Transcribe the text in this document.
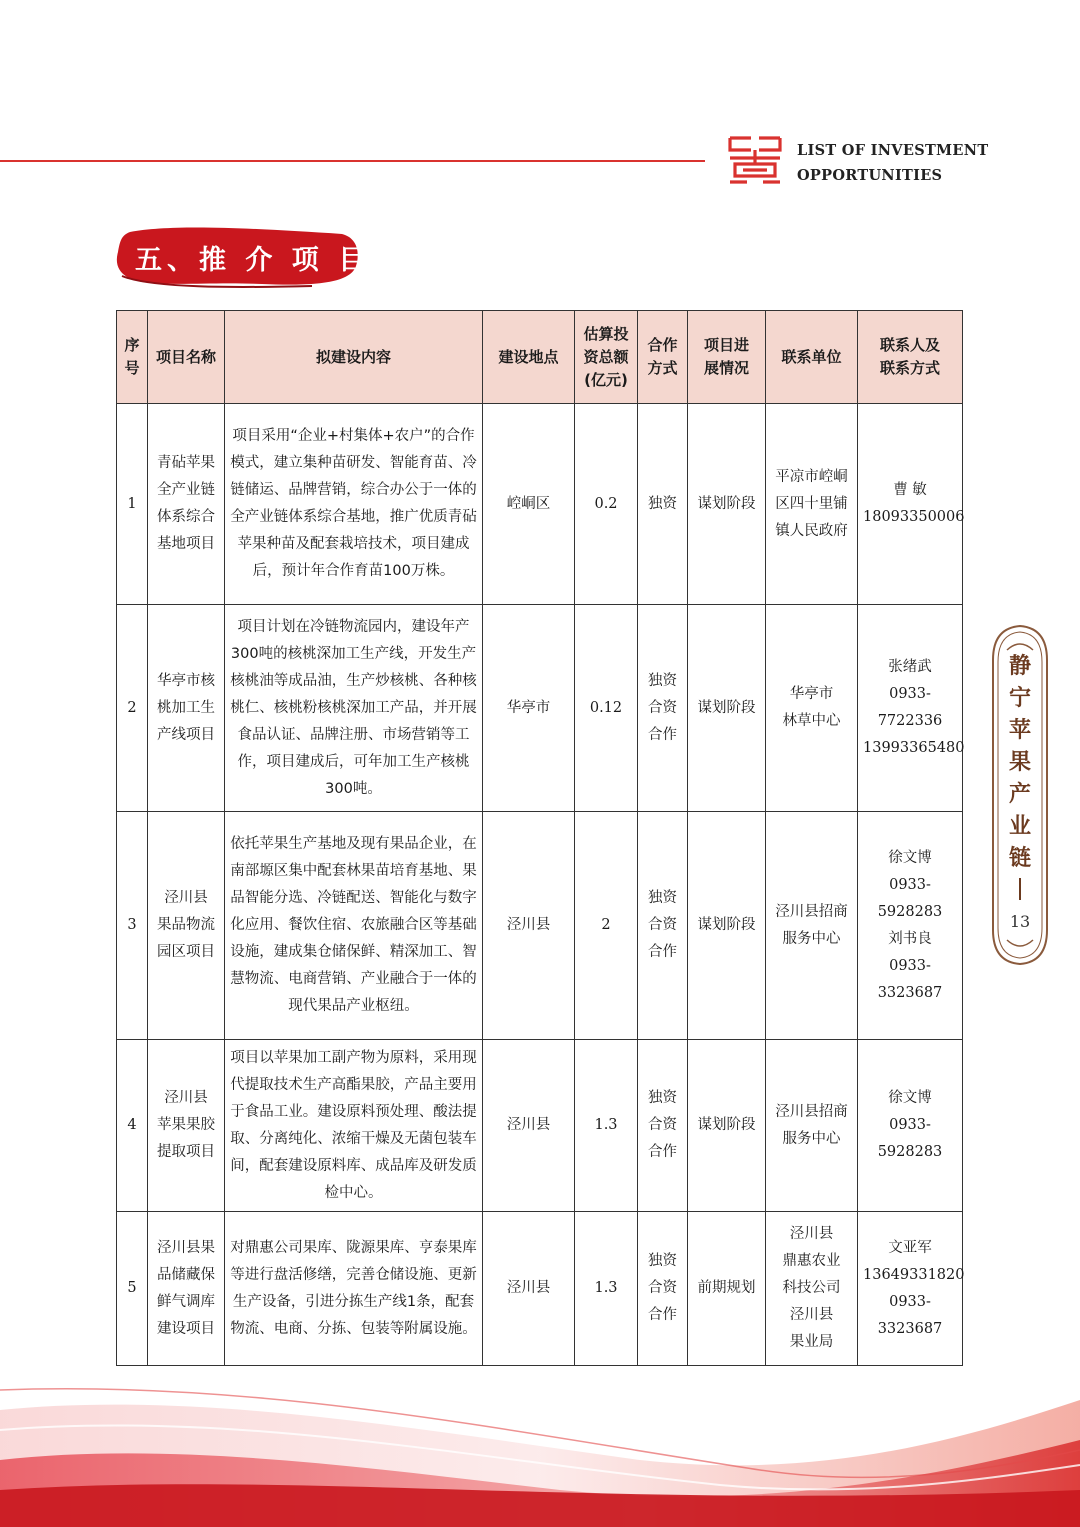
LIST OF INVESTMENT
OPPORTUNITIES
五、推 介 项 目
序
号	项目名称	拟建设内容	建设地点	估算投
资总额
(亿元)	合作
方式	项目进
展情况	联系单位	联系人及
联系方式
1	青砧苹果
全产业链
体系综合
基地项目	项目采用“企业+村集体+农户”的合作模式，建立集种苗研发、智能育苗、冷链储运、品牌营销，综合办公于一体的全产业链体系综合基地，推广优质青砧苹果种苗及配套栽培技术，项目建成后，预计年合作育苗100万株。	崆峒区	0.2	独资	谋划阶段	平凉市崆峒
区四十里铺
镇人民政府	曹 敏
18093350006
2	华亭市核
桃加工生
产线项目	项目计划在冷链物流园内，建设年产300吨的核桃深加工生产线，开发生产核桃油等成品油，生产炒核桃、各种核桃仁、核桃粉核桃深加工产品，并开展食品认证、品牌注册、市场营销等工作，项目建成后，可年加工生产核桃300吨。	华亭市	0.12	独资
合资
合作	谋划阶段	华亭市
林草中心	张绪武
0933-7722336
13993365480
3	泾川县
果品物流
园区项目	依托苹果生产基地及现有果品企业，在南部塬区集中配套林果苗培育基地、果品智能分选、冷链配送、智能化与数字化应用、餐饮住宿、农旅融合区等基础设施，建成集仓储保鲜、精深加工、智慧物流、电商营销、产业融合于一体的现代果品产业枢纽。	泾川县	2	独资
合资
合作	谋划阶段	泾川县招商
服务中心	徐文博
0933-5928283
刘书良
0933-3323687
4	泾川县
苹果果胶
提取项目	项目以苹果加工副产物为原料，采用现代提取技术生产高酯果胶，产品主要用于食品工业。建设原料预处理、酸法提取、分离纯化、浓缩干燥及无菌包装车间，配套建设原料库、成品库及研发质检中心。	泾川县	1.3	独资
合资
合作	谋划阶段	泾川县招商
服务中心	徐文博
0933-5928283
5	泾川县果
品储藏保
鲜气调库
建设项目	对鼎惠公司果库、陇源果库、亨泰果库等进行盘活修缮，完善仓储设施、更新生产设备，引进分拣生产线1条，配套物流、电商、分拣、包装等附属设施。	泾川县	1.3	独资
合资
合作	前期规划	泾川县
鼎惠农业
科技公司
泾川县
果业局	文亚军
13649331820
0933-3323687
静
宁
苹
果
产
业
链
13
